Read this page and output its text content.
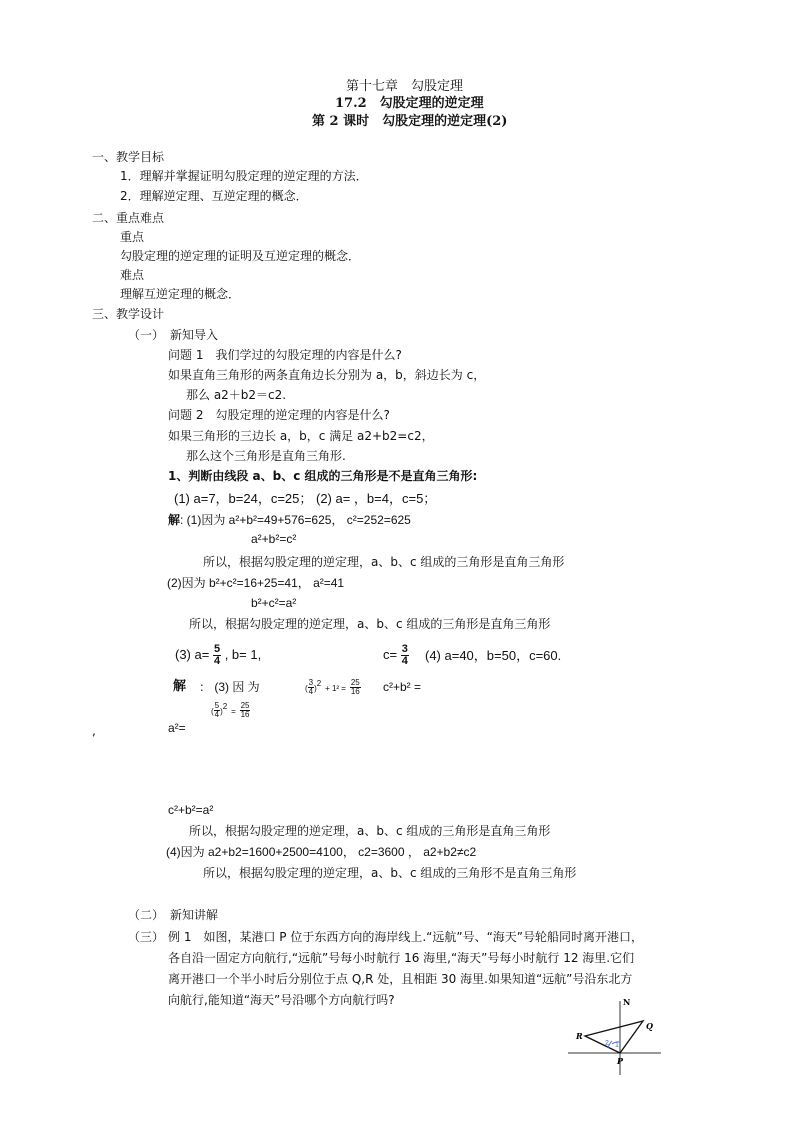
第十七章　勾股定理
17.2　勾股定理的逆定理
第 2 课时　勾股定理的逆定理(2)
一、教学目标
1．理解并掌握证明勾股定理的逆定理的方法．
2．理解逆定理、互逆定理的概念．
二、重点难点
重点
勾股定理的逆定理的证明及互逆定理的概念．
难点
理解互逆定理的概念．
三、教学设计
（一）　新知导入
问题 1　我们学过的勾股定理的内容是什么?
如果直角三角形的两条直角边长分别为 a，b，斜边长为 c，
那么 a2＋b2＝c2.
问题 2　勾股定理的逆定理的内容是什么?
如果三角形的三边长 a，b，c 满足 a2+b2=c2，
那么这个三角形是直角三角形.
1、判断由线段 a、b、c 组成的三角形是不是直角三角形:
(1) a=7，b=24，c=25； (2) a= ，b=4，c=5；
解: (1)因为 a²+b²=49+576=625， c²=252=625
a²+b²=c²
所以，根据勾股定理的逆定理，a、b、c 组成的三角形是直角三角形
(2)因为 b²+c²=16+25=41， a²=41
b²+c²=a²
所以，根据勾股定理的逆定理，a、b、c 组成的三角形是直角三角形
(3) $a= \frac{5}{4}$ , b= 1,	$c= \frac{3}{4} (4)$ a=40，b=50，c=60.
解 ： (3) 因 为	( $\frac{3}{4} )^2 + 1^2 = \frac{25}{16} c^2+b^2$ =
,	a²=
( $\frac{5}{4} )^2 = \frac{25}{16}$
c²+b²=a²
所以，根据勾股定理的逆定理，a、b、c 组成的三角形是直角三角形
(4)因为 a2+b2=1600+2500=4100， c2=3600 ， a2+b2≠c2
所以，根据勾股定理的逆定理，a、b、c 组成的三角形不是直角三角形
（二）　新知讲解
（三） 例 1　如图，某港口 P 位于东西方向的海岸线上.“远航”号、“海天”号轮船同时离开港口，
各自沿一固定方向航行,“远航”号每小时航行 16 海里,“海天”号每小时航行 12 海里.它们
离开港口一个半小时后分别位于点 Q,R 处，且相距 30 海里.如果知道“远航”号沿东北方
向航行,能知道“海天”号沿哪个方向航行吗?	N
Q
R
P
2 1
